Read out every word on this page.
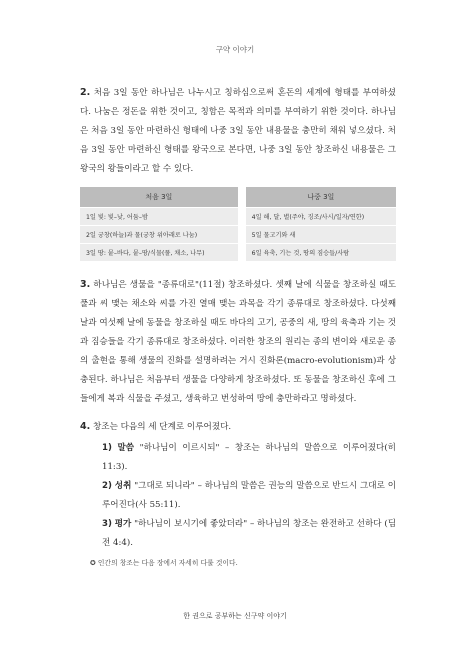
구약 이야기

2. 처음 3일 동안 하나님은 나누시고 칭하심으로써 혼돈의 세계에 형태를 부여하셨다. 나눔은 정돈을 위한 것이고, 칭함은 목적과 의미를 부여하기 위한 것이다. 하나님은 처음 3일 동안 마련하신 형태에 나중 3일 동안 내용물을 충만히 채워 넣으셨다. 처음 3일 동안 마련하신 형태를 왕국으로 본다면, 나중 3일 동안 창조하신 내용물은 그 왕국의 왕들이라고 할 수 있다.

처음 3일		나중 3일
1일 빛: 빛–낮, 어둠–밤		4일 해, 달, 별(주야, 징조/사시/일자/연한)
2일 궁창(하늘)과 물(궁창 위아래로 나눔)		5일 물고기와 새
3일 땅: 뭍–바다, 뭍–땅/식물(풀, 채소, 나무)		6일 육축, 기는 것, 땅의 짐승들/사람

3. 하나님은 생물을 "종류대로"(11절) 창조하셨다. 셋째 날에 식물을 창조하실 때도 풀과 씨 맺는 채소와 씨를 가진 열매 맺는 과목을 각기 종류대로 창조하셨다. 다섯째 날과 여섯째 날에 동물을 창조하실 때도 바다의 고기, 공중의 새, 땅의 육축과 기는 것과 짐승들을 각기 종류대로 창조하셨다. 이러한 창조의 원리는 종의 변이와 새로운 종의 출현을 통해 생물의 진화를 설명하려는 거시 진화론(macro-evolutionism)과 상충된다. 하나님은 처음부터 생물을 다양하게 창조하셨다. 또 동물을 창조하신 후에 그들에게 복과 식물을 주셨고, 생육하고 번성하여 땅에 충만하라고 명하셨다.

4. 창조는 다음의 세 단계로 이루어졌다.

1) 말씀 "하나님이 이르시되" – 창조는 하나님의 말씀으로 이루어졌다(히 11:3).

2) 성취 "그대로 되니라" – 하나님의 말씀은 권능의 말씀으로 반드시 그대로 이루어진다(사 55:11).

3) 평가 "하나님이 보시기에 좋았더라" – 하나님의 창조는 완전하고 선하다 (딤전 4:4).

✪ 인간의 창조는 다음 장에서 자세히 다룰 것이다.
한 권으로 공부하는 신구약 이야기
